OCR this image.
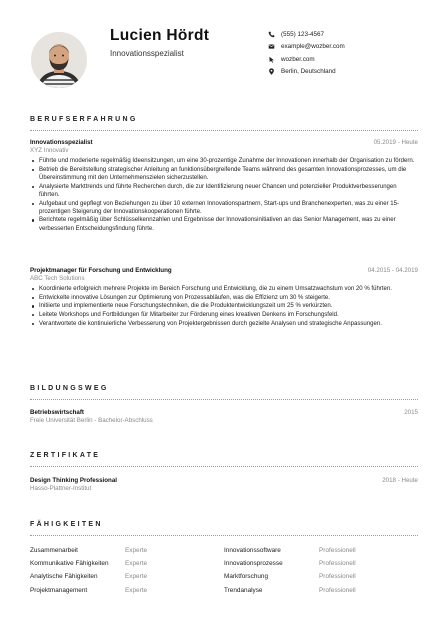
Lucien Hördt
Innovationsspezialist
(555) 123-4567
example@wozber.com
wozber.com
Berlin, Deutschland
BERUFSERFAHRUNG
Innovationsspezialist	05.2019 - Heute
XYZ Innovativ
Führte und moderierte regelmäßig Ideensitzungen, um eine 30-prozentige Zunahme der Innovationen innerhalb der Organisation zu fördern.
Betrieb die Bereitstellung strategischer Anleitung an funktionsübergreifende Teams während des gesamten Innovationsprozesses, um die Übereinstimmung mit den Unternehmenszielen sicherzustellen.
Analysierte Markttrends und führte Recherchen durch, die zur Identifizierung neuer Chancen und potenzieller Produktverbesserungen führten.
Aufgebaut und gepflegt von Beziehungen zu über 10 externen Innovationspartnern, Start-ups und Branchenexperten, was zu einer 15-prozentigen Steigerung der Innovationskooperationen führte.
Berichtete regelmäßig über Schlüsselkennzahlen und Ergebnisse der Innovationsinitiativen an das Senior Management, was zu einer verbesserten Entscheidungsfindung führte.
Projektmanager für Forschung und Entwicklung	04.2015 - 04.2019
ABC Tech Solutions
Koordinierte erfolgreich mehrere Projekte im Bereich Forschung und Entwicklung, die zu einem Umsatzwachstum von 20 % führten.
Entwickelte innovative Lösungen zur Optimierung von Prozessabläufen, was die Effizienz um 30 % steigerte.
Initiierte und implementierte neue Forschungstechniken, die die Produktentwicklungszeit um 25 % verkürzten.
Leitete Workshops und Fortbildungen für Mitarbeiter zur Förderung eines kreativen Denkens im Forschungsfeld.
Verantwortete die kontinuierliche Verbesserung von Projektergebnissen durch gezielte Analysen und strategische Anpassungen.
BILDUNGSWEG
Betriebswirtschaft	2015
Freie Universität Berlin - Bachelor-Abschluss
ZERTIFIKATE
Design Thinking Professional	2018 - Heute
Hasso-Plattner-Institut
FÄHIGKEITEN
Zusammenarbeit	Experte	Innovationssoftware	Professionell
Kommunikative Fähigkeiten	Experte	Innovationsprozesse	Professionell
Analytische Fähigkeiten	Experte	Marktforschung	Professionell
Projektmanagement	Experte	Trendanalyse	Professionell
